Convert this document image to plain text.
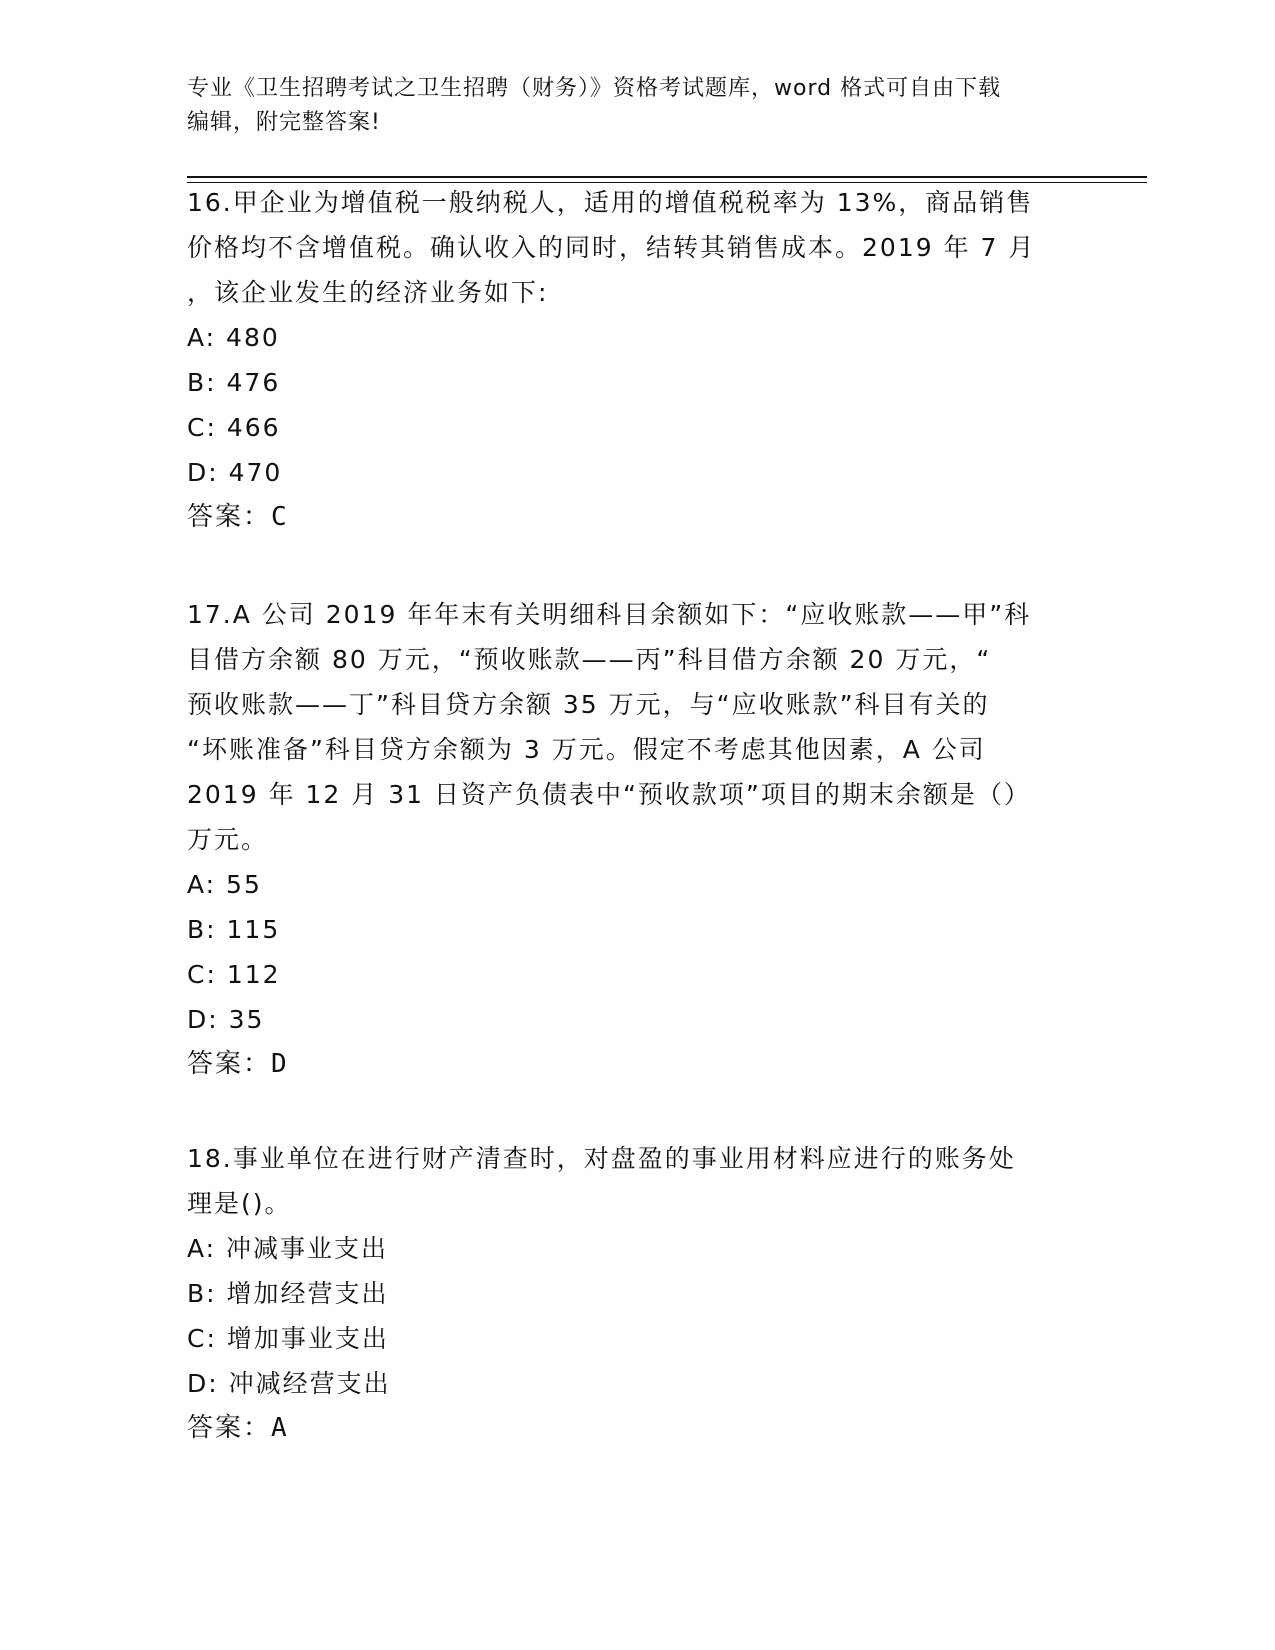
专业《卫生招聘考试之卫生招聘（财务）》资格考试题库，word 格式可自由下载
编辑，附完整答案!
16.甲企业为增值税一般纳税人，适用的增值税税率为 13%，商品销售
价格均不含增值税。确认收入的同时，结转其销售成本。2019 年 7 月
，该企业发生的经济业务如下:
A: 480
B: 476
C: 466
D: 470
答案：C
17.A 公司 2019 年年末有关明细科目余额如下：“应收账款——甲”科
目借方余额 80 万元，“预收账款——丙”科目借方余额 20 万元，“
预收账款——丁”科目贷方余额 35 万元，与“应收账款”科目有关的
“坏账准备”科目贷方余额为 3 万元。假定不考虑其他因素，A 公司
2019 年 12 月 31 日资产负债表中“预收款项”项目的期末余额是（）
万元。
A: 55
B: 115
C: 112
D: 35
答案：D
18.事业单位在进行财产清查时，对盘盈的事业用材料应进行的账务处
理是()。
A: 冲减事业支出
B: 增加经营支出
C: 增加事业支出
D: 冲减经营支出
答案：A
